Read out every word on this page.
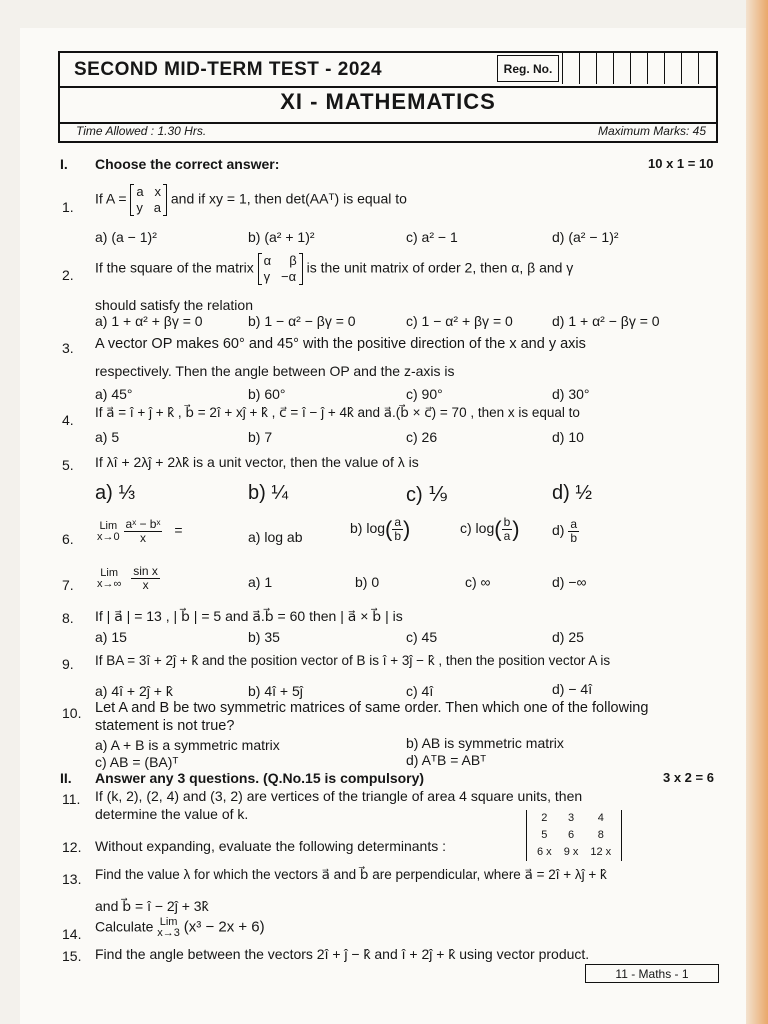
SECOND MID-TERM TEST - 2024	Reg. No.
XI - MATHEMATICS
Time Allowed : 1.30 Hrs.	Maximum Marks: 45
I. Choose the correct answer:	10 x 1 = 10
1.
If A = a x
y a and if xy = 1, then det(AAᵀ) is equal to
a) (a − 1)²	b) (a² + 1)²	c) a² − 1	d) (a² − 1)²
2. If the square of the matrix α β
γ −α is the unit matrix of order 2, then α, β and γ
should satisfy the relation
a) 1 + α² + βγ = 0	b) 1 − α² − βγ = 0	c) 1 − α² + βγ = 0	d) 1 + α² − βγ = 0
3. A vector OP makes 60° and 45° with the positive direction of the x and y axis
respectively. Then the angle between OP and the z-axis is
a) 45°	b) 60°	c) 90°	d) 30°
4. If a⃗ = î + ĵ + k̂ , b⃗ = 2î + xĵ + k̂ , c⃗ = î − ĵ + 4k̂ and a⃗.(b⃗ × c⃗) = 70 , then x is equal to
a) 5	b) 7	c) 26	d) 10
5. If λî + 2λĵ + 2λk̂ is a unit vector, then the value of λ is
a) ⅓	b) ¼	c) ⅑	d) ½
6.
Lim
$x\to 0 \frac{\text{aˣ − bˣ}}{x}$ =	a) log ab
b) $\log( \frac{a}{b}$ )	c) $\log( \frac{b}{a}$ ) $d) \frac{a}{b}$
7.
Lim
$x\to\infty \frac{\text{sin x}}{x}$	a) 1	b) 0	c) ∞	d) −∞
8. If | a⃗ | = 13 , | b⃗ | = 5 and a⃗.b⃗ = 60 then | a⃗ × b⃗ | is
a) 15	b) 35	c) 45	d) 25
9. If BA = 3î + 2ĵ + k̂ and the position vector of B is î + 3ĵ − k̂ , then the position vector A is
a) 4î + 2ĵ + k̂	b) 4î + 5ĵ	c) 4î	d) − 4î
10. Let A and B be two symmetric matrices of same order. Then which one of the following
statement is not true?
a) A + B is a symmetric matrix	b) AB is symmetric matrix
c) AB = (BA)ᵀ	d) AᵀB = ABᵀ
II. Answer any 3 questions. (Q.No.15 is compulsory)	3 x 2 = 6
11. If (k, 2), (2, 4) and (3, 2) are vertices of the triangle of area 4 square units, then
determine the value of k.
12. Without expanding, evaluate the following determinants :
2	3	4
5	6	8
6 x	9 x	12 x
13. Find the value λ for which the vectors a⃗ and b⃗ are perpendicular, where a⃗ = 2î + λĵ + k̂
and b⃗ = î − 2ĵ + 3k̂
14. Calculate Lim
x→3 (x³ − 2x + 6)
15. Find the angle between the vectors 2î + ĵ − k̂ and î + 2ĵ + k̂ using vector product.
11 - Maths - 1
